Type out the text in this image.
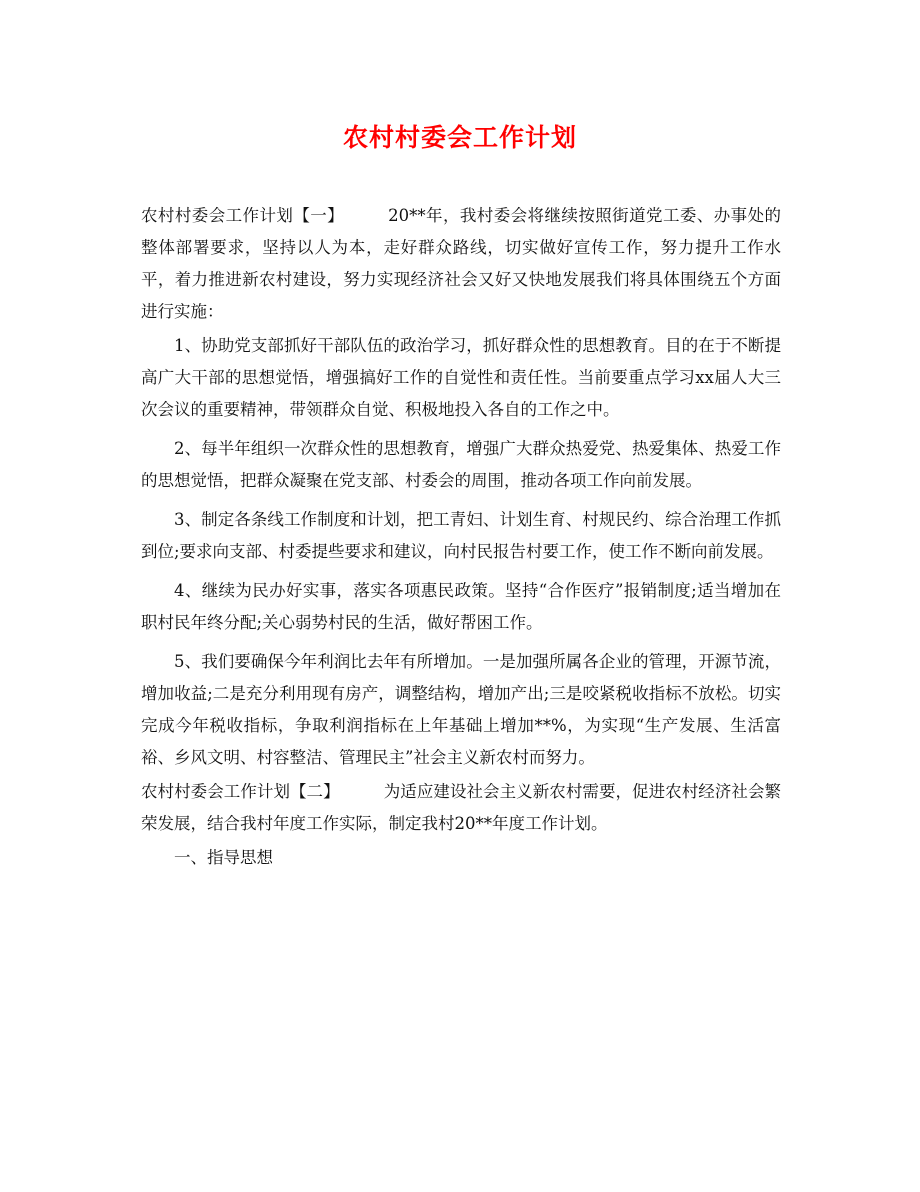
农村村委会工作计划

农村村委会工作计划【一】	20**年，我村委会将继续按照街道党工委、办事处的整体部署要求，坚持以人为本，走好群众路线，切实做好宣传工作，努力提升工作水平，着力推进新农村建设，努力实现经济社会又好又快地发展我们将具体围绕五个方面进行实施：

1、协助党支部抓好干部队伍的政治学习，抓好群众性的思想教育。目的在于不断提高广大干部的思想觉悟，增强搞好工作的自觉性和责任性。当前要重点学习xx届人大三次会议的重要精神，带领群众自觉、积极地投入各自的工作之中。

2、每半年组织一次群众性的思想教育，增强广大群众热爱党、热爱集体、热爱工作的思想觉悟，把群众凝聚在党支部、村委会的周围，推动各项工作向前发展。

3、制定各条线工作制度和计划，把工青妇、计划生育、村规民约、综合治理工作抓到位;要求向支部、村委提些要求和建议，向村民报告村要工作，使工作不断向前发展。

4、继续为民办好实事，落实各项惠民政策。坚持“合作医疗”报销制度;适当增加在职村民年终分配;关心弱势村民的生活，做好帮困工作。

5、我们要确保今年利润比去年有所增加。一是加强所属各企业的管理，开源节流，增加收益;二是充分利用现有房产，调整结构，增加产出;三是咬紧税收指标不放松。切实完成今年税收指标，争取利润指标在上年基础上增加**%，为实现“生产发展、生活富裕、乡风文明、村容整洁、管理民主”社会主义新农村而努力。

农村村委会工作计划【二】	为适应建设社会主义新农村需要，促进农村经济社会繁荣发展，结合我村年度工作实际，制定我村20**年度工作计划。

一、指导思想
